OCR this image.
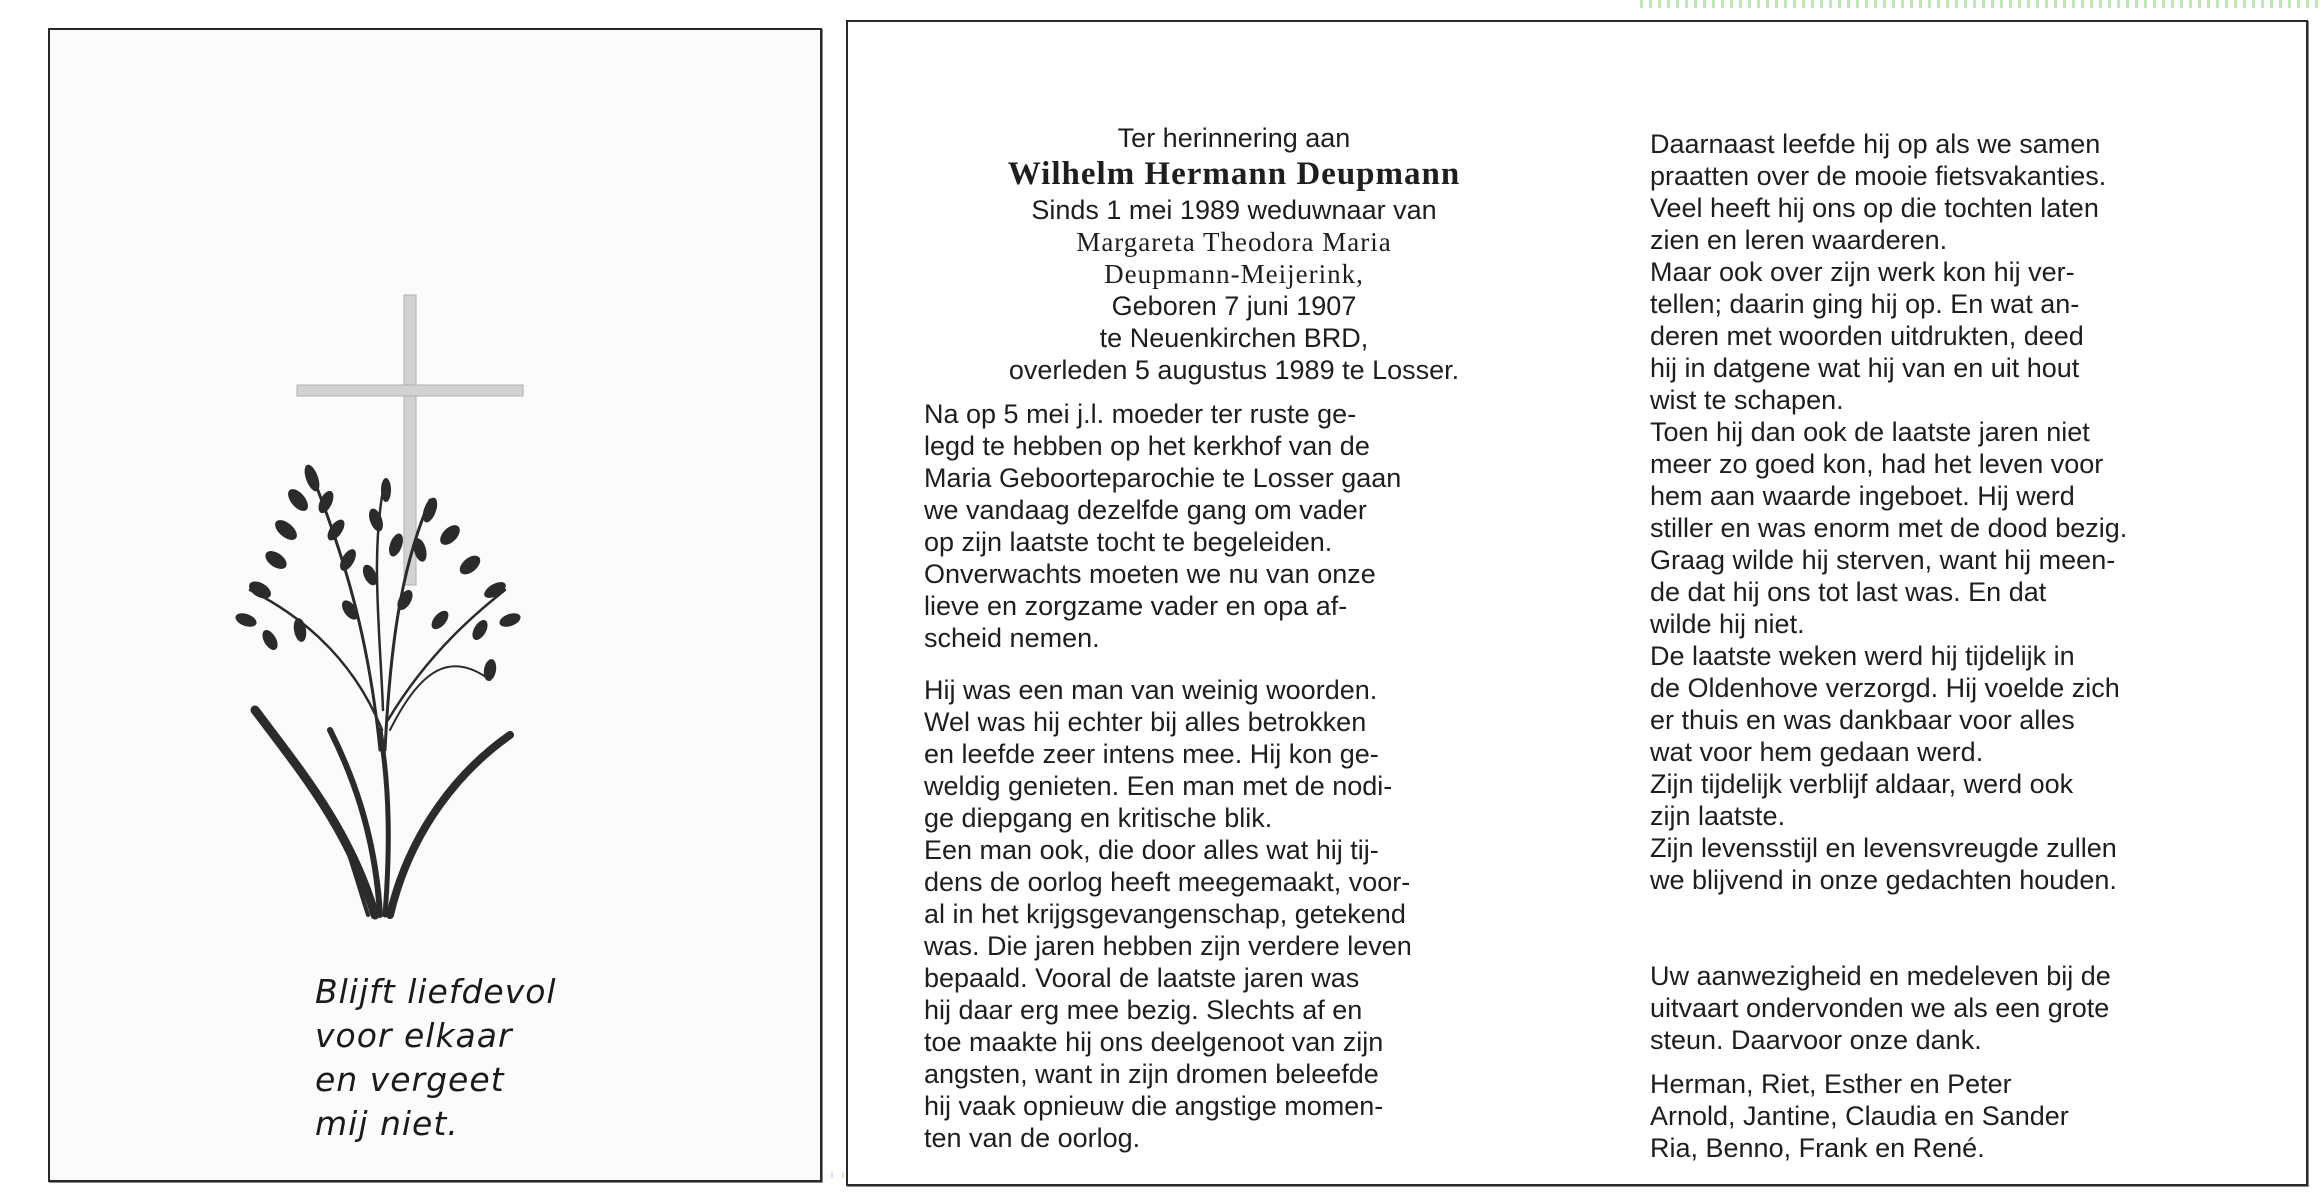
Blijft liefdevol
voor elkaar
en vergeet
mij niet.
Ter herinnering aan
Wilhelm Hermann Deupmann
Sinds 1 mei 1989 weduwnaar van
Margareta Theodora Maria
Deupmann-Meijerink,
Geboren 7 juni 1907
te Neuenkirchen BRD,
overleden 5 augustus 1989 te Losser.
Na op 5 mei j.l. moeder ter ruste ge-
legd te hebben op het kerkhof van de
Maria Geboorteparochie te Losser gaan
we vandaag dezelfde gang om vader
op zijn laatste tocht te begeleiden.
Onverwachts moeten we nu van onze
lieve en zorgzame vader en opa af-
scheid nemen.
Hij was een man van weinig woorden.
Wel was hij echter bij alles betrokken
en leefde zeer intens mee. Hij kon ge-
weldig genieten. Een man met de nodi-
ge diepgang en kritische blik.
Een man ook, die door alles wat hij tij-
dens de oorlog heeft meegemaakt, voor-
al in het krijgsgevangenschap, getekend
was. Die jaren hebben zijn verdere leven
bepaald. Vooral de laatste jaren was
hij daar erg mee bezig. Slechts af en
toe maakte hij ons deelgenoot van zijn
angsten, want in zijn dromen beleefde
hij vaak opnieuw die angstige momen-
ten van de oorlog.
Daarnaast leefde hij op als we samen
praatten over de mooie fietsvakanties.
Veel heeft hij ons op die tochten laten
zien en leren waarderen.
Maar ook over zijn werk kon hij ver-
tellen; daarin ging hij op. En wat an-
deren met woorden uitdrukten, deed
hij in datgene wat hij van en uit hout
wist te schapen.
Toen hij dan ook de laatste jaren niet
meer zo goed kon, had het leven voor
hem aan waarde ingeboet. Hij werd
stiller en was enorm met de dood bezig.
Graag wilde hij sterven, want hij meen-
de dat hij ons tot last was. En dat
wilde hij niet.
De laatste weken werd hij tijdelijk in
de Oldenhove verzorgd. Hij voelde zich
er thuis en was dankbaar voor alles
wat voor hem gedaan werd.
Zijn tijdelijk verblijf aldaar, werd ook
zijn laatste.
Zijn levensstijl en levensvreugde zullen
we blijvend in onze gedachten houden.
Uw aanwezigheid en medeleven bij de
uitvaart ondervonden we als een grote
steun. Daarvoor onze dank.
Herman, Riet, Esther en Peter
Arnold, Jantine, Claudia en Sander
Ria, Benno, Frank en René.
